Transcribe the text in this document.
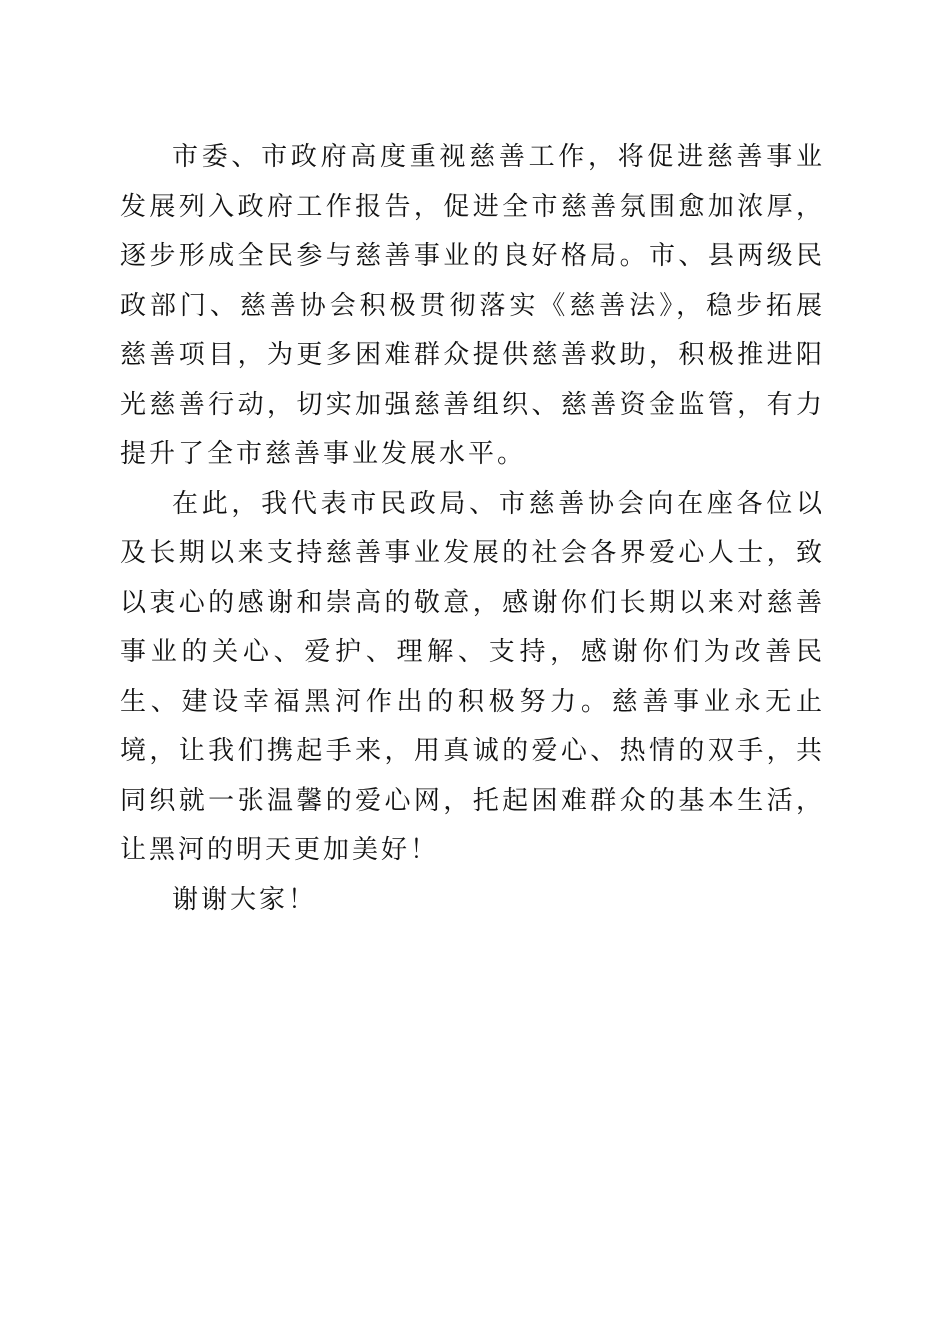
市委、市政府高度重视慈善工作，将促进慈善事业发展列入政府工作报告，促进全市慈善氛围愈加浓厚，逐步形成全民参与慈善事业的良好格局。市、县两级民政部门、慈善协会积极贯彻落实《慈善法》，稳步拓展慈善项目，为更多困难群众提供慈善救助，积极推进阳光慈善行动，切实加强慈善组织、慈善资金监管，有力提升了全市慈善事业发展水平。

在此，我代表市民政局、市慈善协会向在座各位以及长期以来支持慈善事业发展的社会各界爱心人士，致以衷心的感谢和崇高的敬意，感谢你们长期以来对慈善事业的关心、爱护、理解、支持，感谢你们为改善民生、建设幸福黑河作出的积极努力。慈善事业永无止境，让我们携起手来，用真诚的爱心、热情的双手，共同织就一张温馨的爱心网，托起困难群众的基本生活，让黑河的明天更加美好！

谢谢大家！
